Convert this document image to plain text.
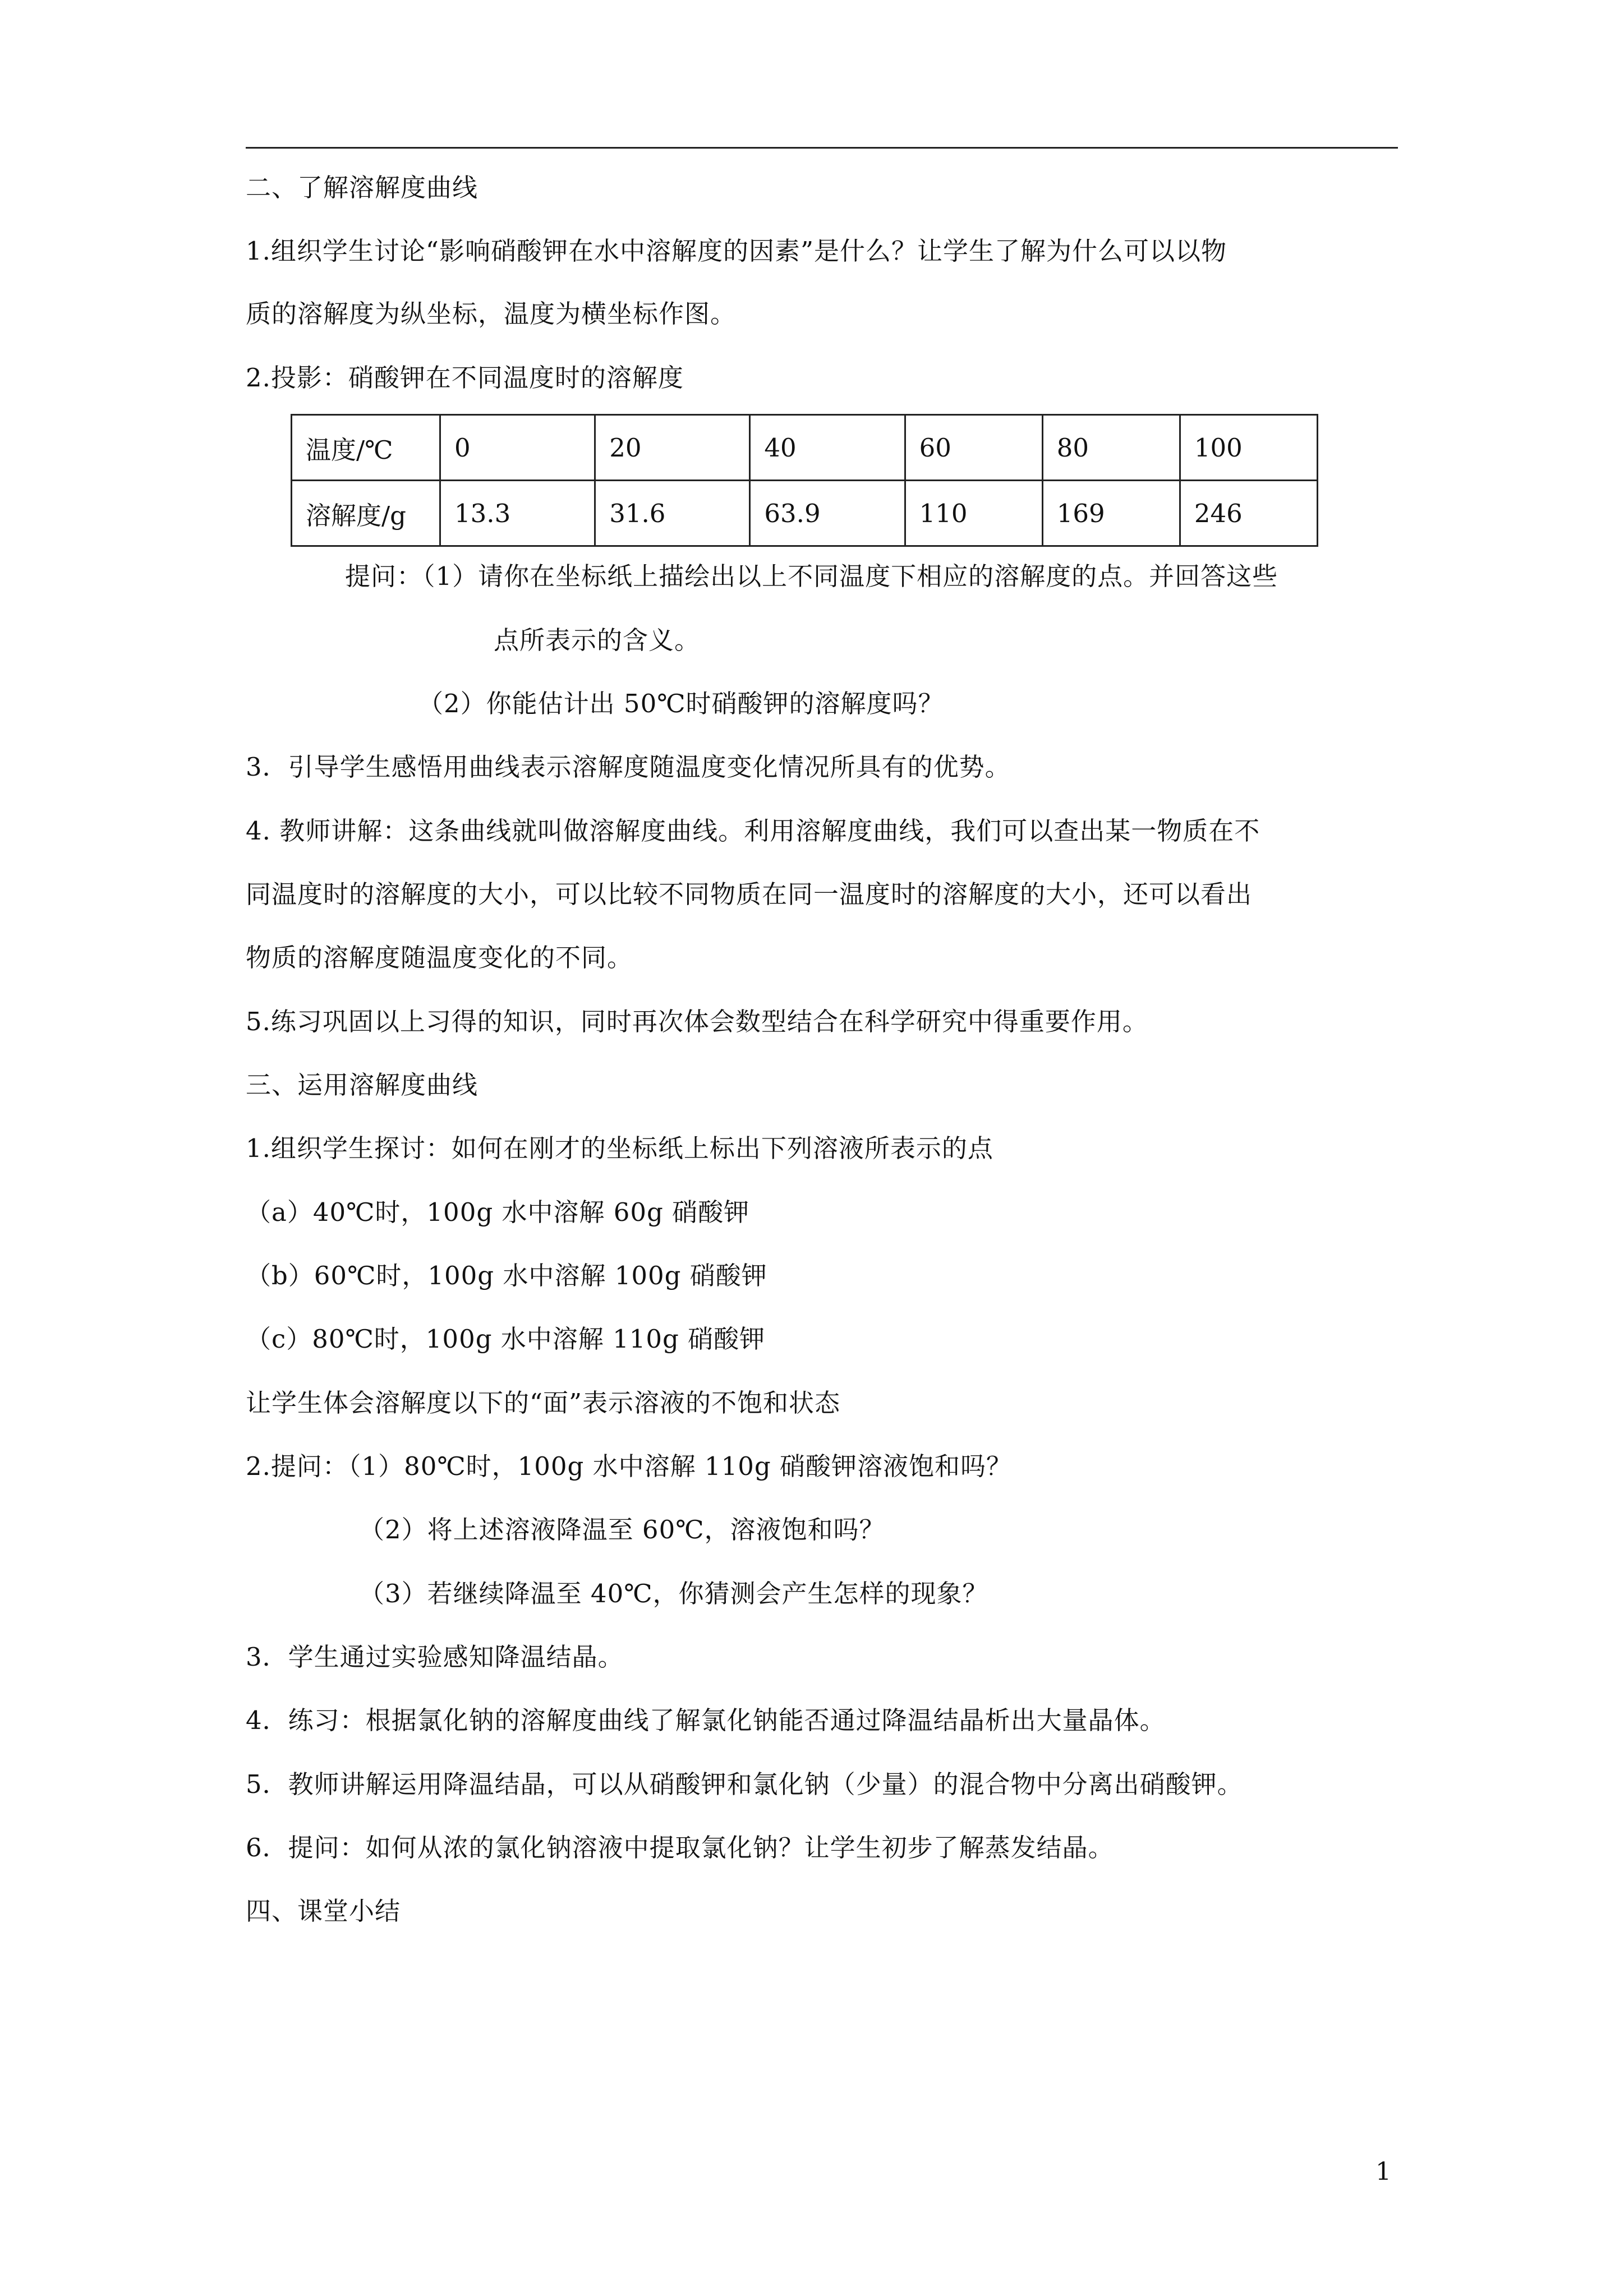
二、了解溶解度曲线
1.组织学生讨论“影响硝酸钾在水中溶解度的因素”是什么？让学生了解为什么可以以物
质的溶解度为纵坐标，温度为横坐标作图。
2.投影：硝酸钾在不同温度时的溶解度
温度/℃	0	20	40	60	80	100
溶解度/g	13.3	31.6	63.9	110	169	246
提问：（1）请你在坐标纸上描绘出以上不同温度下相应的溶解度的点。并回答这些
点所表示的含义。
（2）你能估计出 50℃时硝酸钾的溶解度吗？
3．引导学生感悟用曲线表示溶解度随温度变化情况所具有的优势。
4. 教师讲解：这条曲线就叫做溶解度曲线。利用溶解度曲线，我们可以查出某一物质在不
同温度时的溶解度的大小，可以比较不同物质在同一温度时的溶解度的大小，还可以看出
物质的溶解度随温度变化的不同。
5.练习巩固以上习得的知识，同时再次体会数型结合在科学研究中得重要作用。
三、运用溶解度曲线
1.组织学生探讨：如何在刚才的坐标纸上标出下列溶液所表示的点
（a）40℃时，100g 水中溶解 60g 硝酸钾
（b）60℃时，100g 水中溶解 100g 硝酸钾
（c）80℃时，100g 水中溶解 110g 硝酸钾
让学生体会溶解度以下的“面”表示溶液的不饱和状态
2.提问：（1）80℃时，100g 水中溶解 110g 硝酸钾溶液饱和吗？
（2）将上述溶液降温至 60℃，溶液饱和吗？
（3）若继续降温至 40℃，你猜测会产生怎样的现象？
3．学生通过实验感知降温结晶。
4．练习：根据氯化钠的溶解度曲线了解氯化钠能否通过降温结晶析出大量晶体。
5．教师讲解运用降温结晶，可以从硝酸钾和氯化钠（少量）的混合物中分离出硝酸钾。
6．提问：如何从浓的氯化钠溶液中提取氯化钠？让学生初步了解蒸发结晶。
四、课堂小结
1
